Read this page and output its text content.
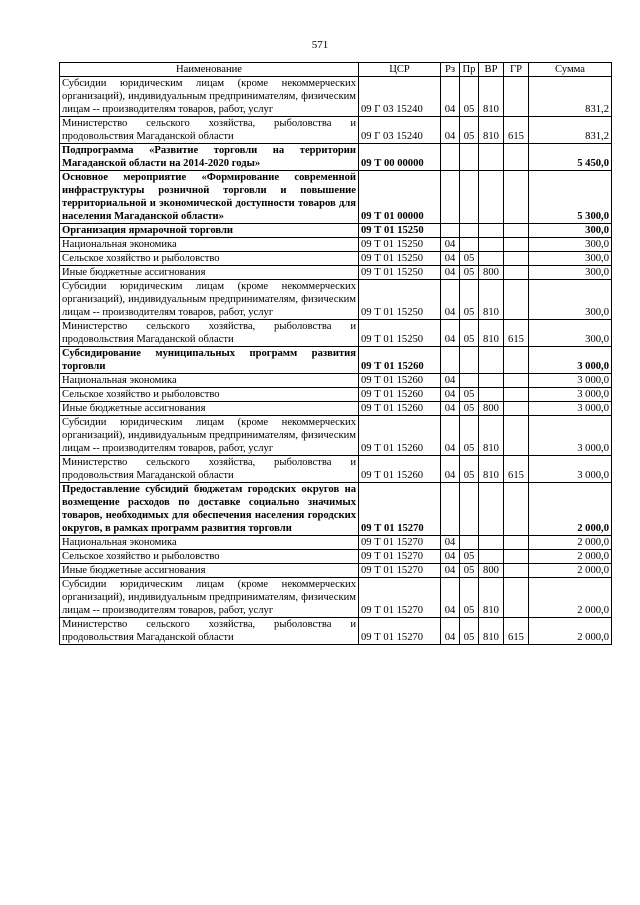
571
Наименование	ЦСР	Рз	Пр	ВР	ГР	Сумма
Субсидии юридическим лицам (кроме некоммерческих организаций), индивидуальным предпринимателям, физическим лицам -- производителям товаров, работ, услуг	09 Г 03 15240	04	05	810		831,2
Министерство сельского хозяйства, рыболовства и продовольствия Магаданской области	09 Г 03 15240	04	05	810	615	831,2
Подпрограмма «Развитие торговли на территории Магаданской области на 2014-2020 годы»	09 Т 00 00000					5 450,0
Основное мероприятие «Формирование современной инфраструктуры розничной торговли и повышение территориальной и экономической доступности товаров для населения Магаданской области»	09 Т 01 00000					5 300,0
Организация ярмарочной торговли	09 Т 01 15250					300,0
Национальная экономика	09 Т 01 15250	04				300,0
Сельское хозяйство и рыболовство	09 Т 01 15250	04	05			300,0
Иные бюджетные ассигнования	09 Т 01 15250	04	05	800		300,0
Субсидии юридическим лицам (кроме некоммерческих организаций), индивидуальным предпринимателям, физическим лицам -- производителям товаров, работ, услуг	09 Т 01 15250	04	05	810		300,0
Министерство сельского хозяйства, рыболовства и продовольствия Магаданской области	09 Т 01 15250	04	05	810	615	300,0
Субсидирование муниципальных программ развития торговли	09 Т 01 15260					3 000,0
Национальная экономика	09 Т 01 15260	04				3 000,0
Сельское хозяйство и рыболовство	09 Т 01 15260	04	05			3 000,0
Иные бюджетные ассигнования	09 Т 01 15260	04	05	800		3 000,0
Субсидии юридическим лицам (кроме некоммерческих организаций), индивидуальным предпринимателям, физическим лицам -- производителям товаров, работ, услуг	09 Т 01 15260	04	05	810		3 000,0
Министерство сельского хозяйства, рыболовства и продовольствия Магаданской области	09 Т 01 15260	04	05	810	615	3 000,0
Предоставление субсидий бюджетам городских округов на возмещение расходов по доставке социально значимых товаров, необходимых для обеспечения населения городских округов, в рамках программ развития торговли	09 Т 01 15270					2 000,0
Национальная экономика	09 Т 01 15270	04				2 000,0
Сельское хозяйство и рыболовство	09 Т 01 15270	04	05			2 000,0
Иные бюджетные ассигнования	09 Т 01 15270	04	05	800		2 000,0
Субсидии юридическим лицам (кроме некоммерческих организаций), индивидуальным предпринимателям, физическим лицам -- производителям товаров, работ, услуг	09 Т 01 15270	04	05	810		2 000,0
Министерство сельского хозяйства, рыболовства и продовольствия Магаданской области	09 Т 01 15270	04	05	810	615	2 000,0
